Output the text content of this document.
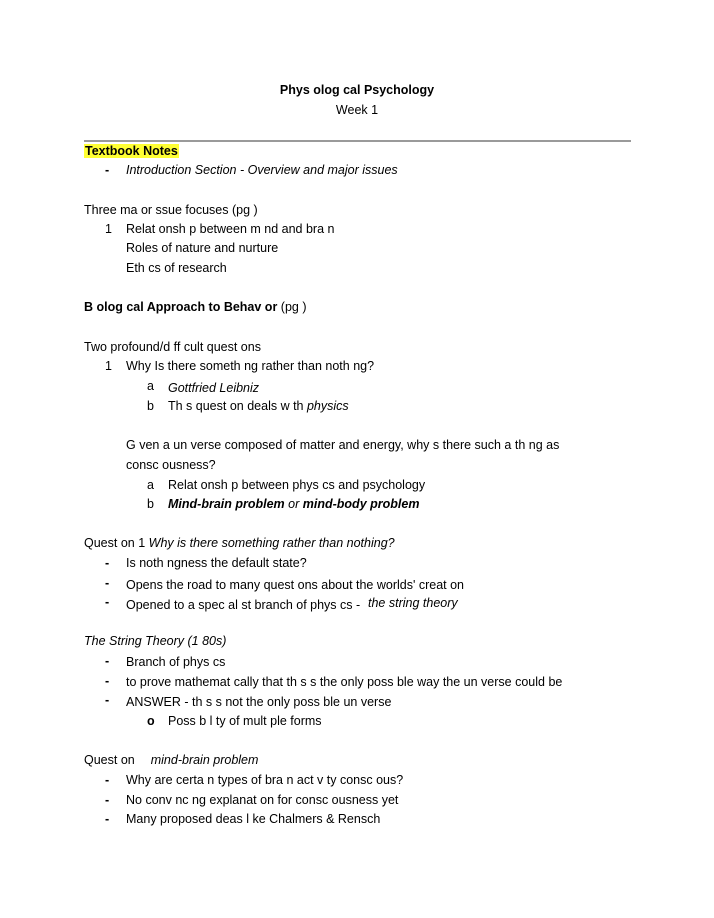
Phys olog cal Psychology
Week 1
Textbook Notes
- Introduction Section - Overview and major issues
Three ma or ssue focuses (pg )
1 Relat onsh p between m nd and bra n
Roles of nature and nurture
Eth cs of research
B olog cal Approach to Behav or (pg )
Two profound/d ff cult quest ons
1 Why Is there someth ng rather than noth ng?
a Gottfried Leibniz
b Th s quest on deals w th physics
G ven a un verse composed of matter and energy, why s there such a th ng as
consc ousness?
a Relat onsh p between phys cs and psychology
b Mind-brain problem or mind-body problem
Quest on 1 Why is there something rather than nothing?
- Is noth ngness the default state?
- Opens the road to many quest ons about the worlds' creat on
- Opened to a spec al st branch of phys cs - the string theory
The String Theory (1 80s)
- Branch of phys cs
- to prove mathemat cally that th s s the only poss ble way the un verse could be
- ANSWER - th s s not the only poss ble un verse
o Poss b l ty of mult ple forms
Quest on mind-brain problem
- Why are certa n types of bra n act v ty consc ous?
- No conv nc ng explanat on for consc ousness yet
- Many proposed deas l ke Chalmers & Rensch
